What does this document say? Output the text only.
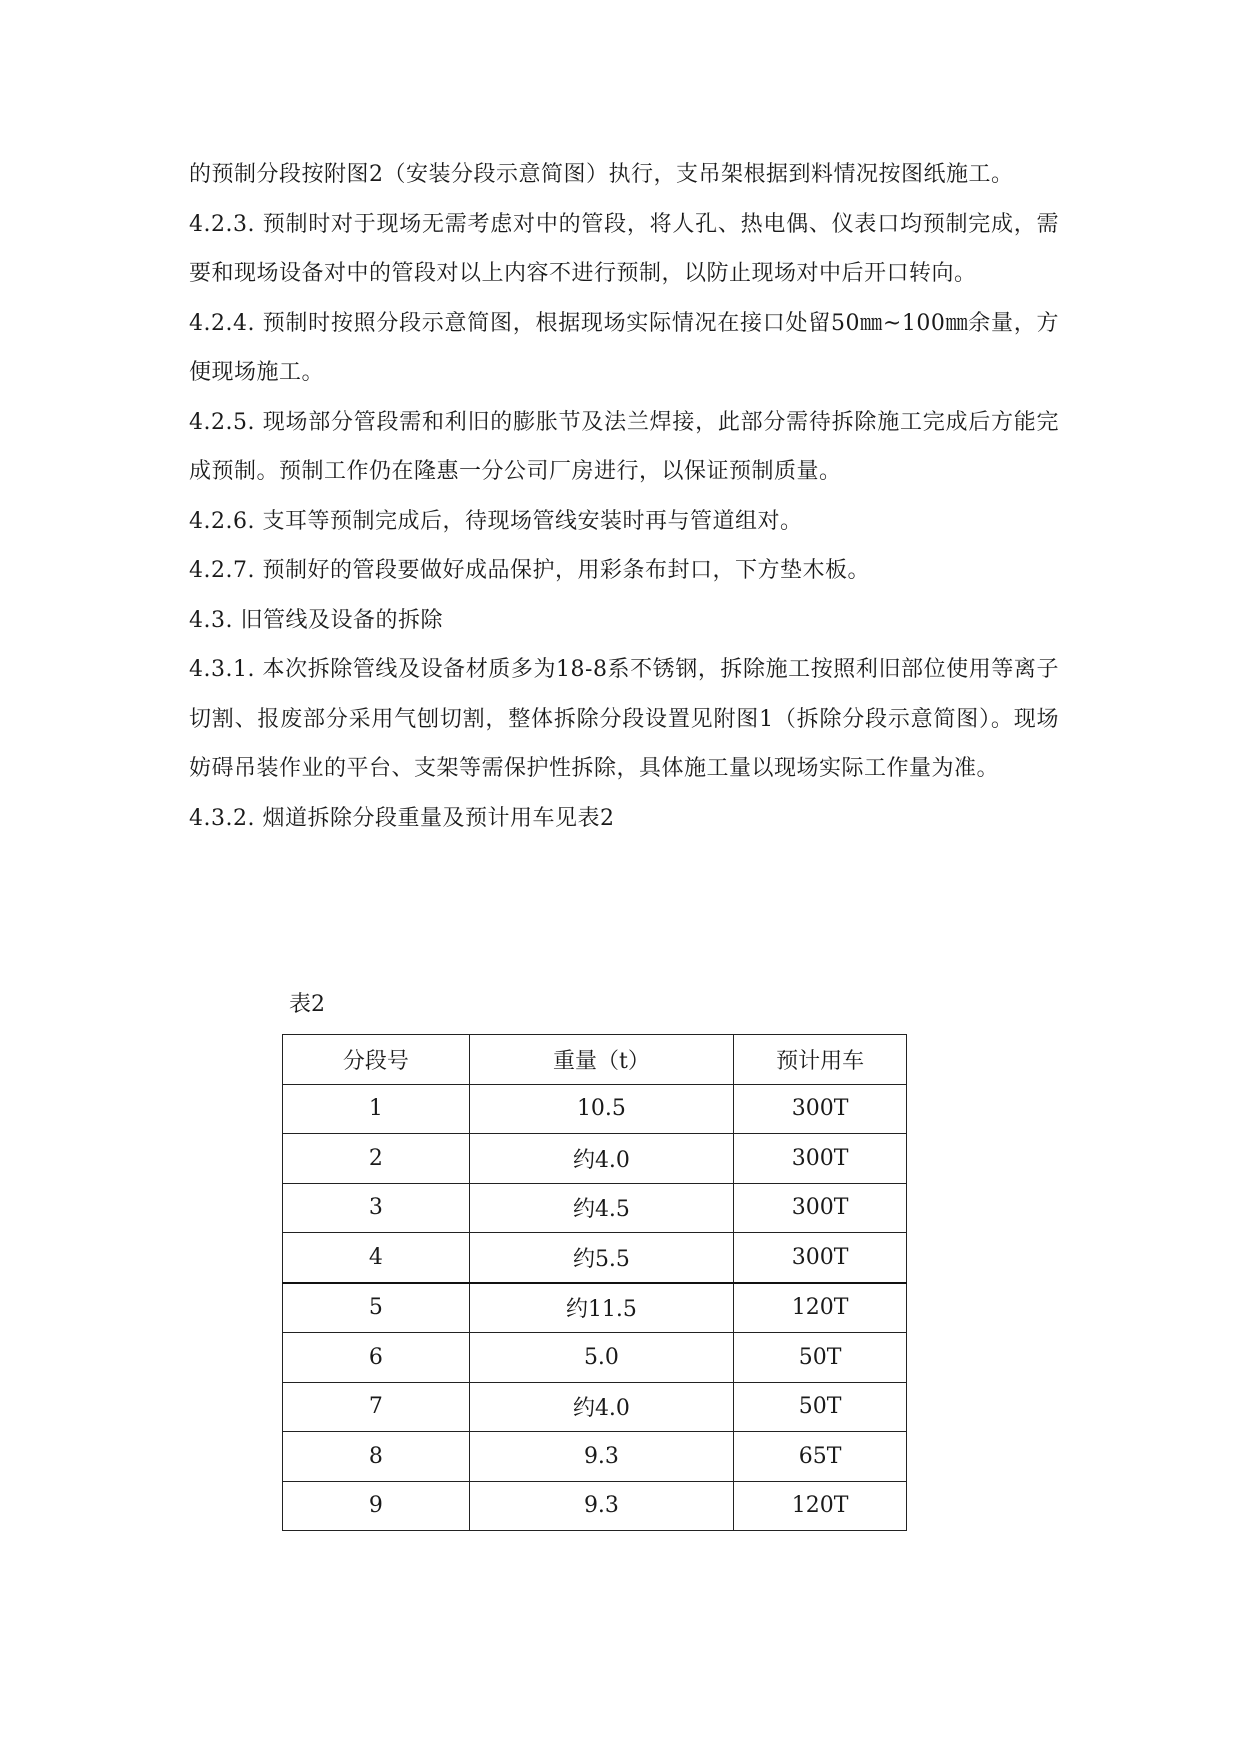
的预制分段按附图2（安装分段示意简图）执行，支吊架根据到料情况按图纸施工。

4.2.3. 预制时对于现场无需考虑对中的管段，将人孔、热电偶、仪表口均预制完成，需要和现场设备对中的管段对以上内容不进行预制，以防止现场对中后开口转向。

4.2.4. 预制时按照分段示意简图，根据现场实际情况在接口处留50㎜~100㎜余量，方便现场施工。

4.2.5. 现场部分管段需和利旧的膨胀节及法兰焊接，此部分需待拆除施工完成后方能完成预制。预制工作仍在隆惠一分公司厂房进行，以保证预制质量。

4.2.6. 支耳等预制完成后，待现场管线安装时再与管道组对。

4.2.7. 预制好的管段要做好成品保护，用彩条布封口，下方垫木板。

4.3. 旧管线及设备的拆除

4.3.1. 本次拆除管线及设备材质多为18-8系不锈钢，拆除施工按照利旧部位使用等离子切割、报废部分采用气刨切割，整体拆除分段设置见附图1（拆除分段示意简图）。现场妨碍吊装作业的平台、支架等需保护性拆除，具体施工量以现场实际工作量为准。

4.3.2. 烟道拆除分段重量及预计用车见表2

表2
分段号	重量（t）	预计用车
1	10.5	300T
2	约4.0	300T
3	约4.5	300T
4	约5.5	300T
5	约11.5	120T
6	5.0	50T
7	约4.0	50T
8	9.3	65T
9	9.3	120T
